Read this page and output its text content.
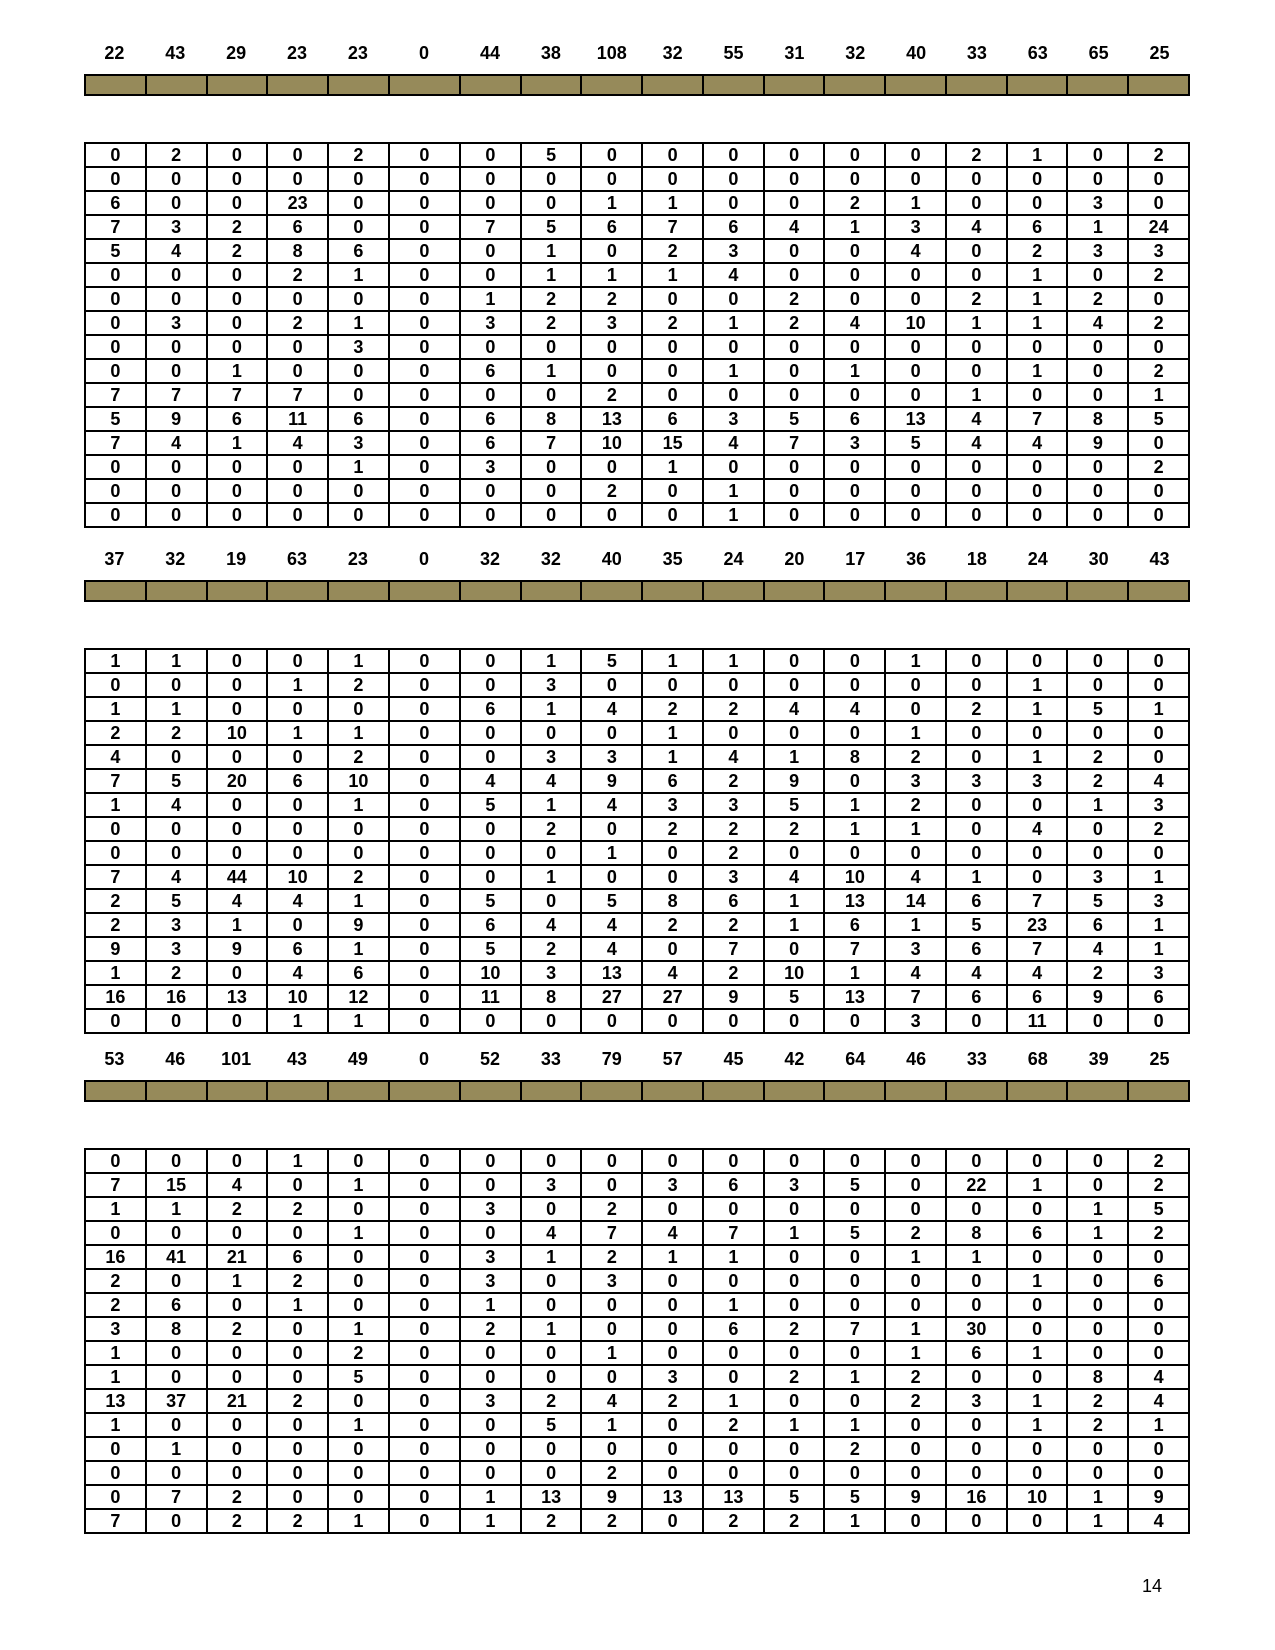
22	43	29	23	23	0	44	38	108	32	55	31	32	40	33	63	65	25

0	2	0	0	2	0	0	5	0	0	0	0	0	0	2	1	0	2
0	0	0	0	0	0	0	0	0	0	0	0	0	0	0	0	0	0
6	0	0	23	0	0	0	0	1	1	0	0	2	1	0	0	3	0
7	3	2	6	0	0	7	5	6	7	6	4	1	3	4	6	1	24
5	4	2	8	6	0	0	1	0	2	3	0	0	4	0	2	3	3
0	0	0	2	1	0	0	1	1	1	4	0	0	0	0	1	0	2
0	0	0	0	0	0	1	2	2	0	0	2	0	0	2	1	2	0
0	3	0	2	1	0	3	2	3	2	1	2	4	10	1	1	4	2
0	0	0	0	3	0	0	0	0	0	0	0	0	0	0	0	0	0
0	0	1	0	0	0	6	1	0	0	1	0	1	0	0	1	0	2
7	7	7	7	0	0	0	0	2	0	0	0	0	0	1	0	0	1
5	9	6	11	6	0	6	8	13	6	3	5	6	13	4	7	8	5
7	4	1	4	3	0	6	7	10	15	4	7	3	5	4	4	9	0
0	0	0	0	1	0	3	0	0	1	0	0	0	0	0	0	0	2
0	0	0	0	0	0	0	0	2	0	1	0	0	0	0	0	0	0
0	0	0	0	0	0	0	0	0	0	1	0	0	0	0	0	0	0
37	32	19	63	23	0	32	32	40	35	24	20	17	36	18	24	30	43

1	1	0	0	1	0	0	1	5	1	1	0	0	1	0	0	0	0
0	0	0	1	2	0	0	3	0	0	0	0	0	0	0	1	0	0
1	1	0	0	0	0	6	1	4	2	2	4	4	0	2	1	5	1
2	2	10	1	1	0	0	0	0	1	0	0	0	1	0	0	0	0
4	0	0	0	2	0	0	3	3	1	4	1	8	2	0	1	2	0
7	5	20	6	10	0	4	4	9	6	2	9	0	3	3	3	2	4
1	4	0	0	1	0	5	1	4	3	3	5	1	2	0	0	1	3
0	0	0	0	0	0	0	2	0	2	2	2	1	1	0	4	0	2
0	0	0	0	0	0	0	0	1	0	2	0	0	0	0	0	0	0
7	4	44	10	2	0	0	1	0	0	3	4	10	4	1	0	3	1
2	5	4	4	1	0	5	0	5	8	6	1	13	14	6	7	5	3
2	3	1	0	9	0	6	4	4	2	2	1	6	1	5	23	6	1
9	3	9	6	1	0	5	2	4	0	7	0	7	3	6	7	4	1
1	2	0	4	6	0	10	3	13	4	2	10	1	4	4	4	2	3
16	16	13	10	12	0	11	8	27	27	9	5	13	7	6	6	9	6
0	0	0	1	1	0	0	0	0	0	0	0	0	3	0	11	0	0
53	46	101	43	49	0	52	33	79	57	45	42	64	46	33	68	39	25

0	0	0	1	0	0	0	0	0	0	0	0	0	0	0	0	0	2
7	15	4	0	1	0	0	3	0	3	6	3	5	0	22	1	0	2
1	1	2	2	0	0	3	0	2	0	0	0	0	0	0	0	1	5
0	0	0	0	1	0	0	4	7	4	7	1	5	2	8	6	1	2
16	41	21	6	0	0	3	1	2	1	1	0	0	1	1	0	0	0
2	0	1	2	0	0	3	0	3	0	0	0	0	0	0	1	0	6
2	6	0	1	0	0	1	0	0	0	1	0	0	0	0	0	0	0
3	8	2	0	1	0	2	1	0	0	6	2	7	1	30	0	0	0
1	0	0	0	2	0	0	0	1	0	0	0	0	1	6	1	0	0
1	0	0	0	5	0	0	0	0	3	0	2	1	2	0	0	8	4
13	37	21	2	0	0	3	2	4	2	1	0	0	2	3	1	2	4
1	0	0	0	1	0	0	5	1	0	2	1	1	0	0	1	2	1
0	1	0	0	0	0	0	0	0	0	0	0	2	0	0	0	0	0
0	0	0	0	0	0	0	0	2	0	0	0	0	0	0	0	0	0
0	7	2	0	0	0	1	13	9	13	13	5	5	9	16	10	1	9
7	0	2	2	1	0	1	2	2	0	2	2	1	0	0	0	1	4
14
